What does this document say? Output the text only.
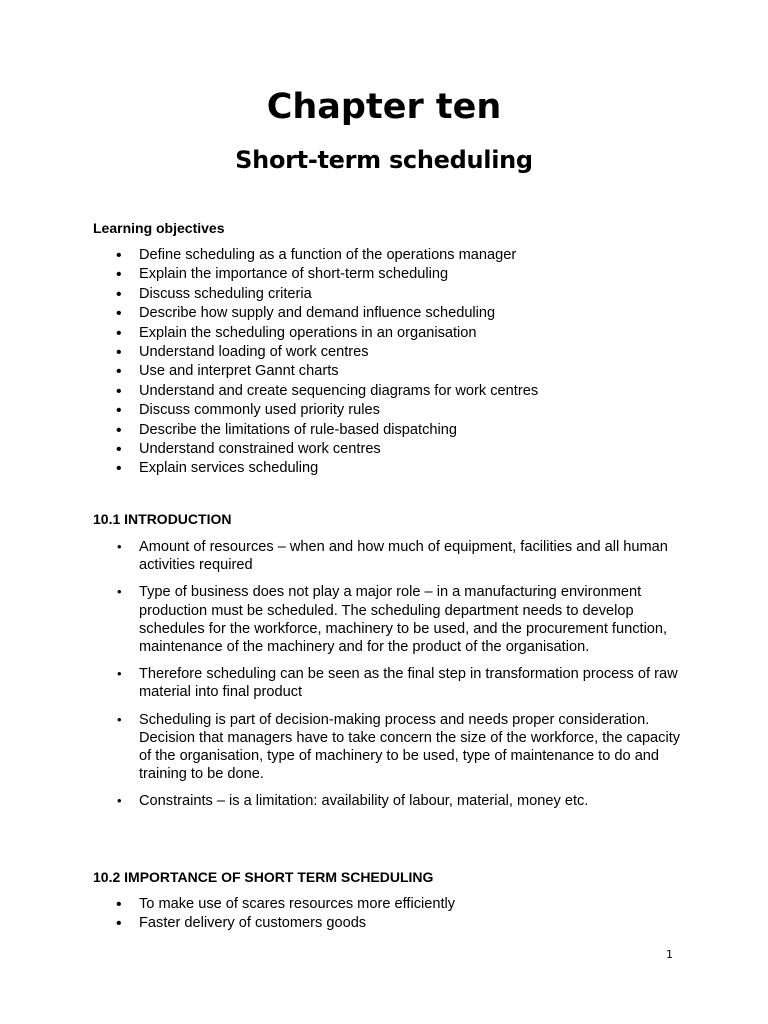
Chapter ten
Short-term scheduling
Learning objectives
• Define scheduling as a function of the operations manager
• Explain the importance of short-term scheduling
• Discuss scheduling criteria
• Describe how supply and demand influence scheduling
• Explain the scheduling operations in an organisation
• Understand loading of work centres
• Use and interpret Gannt charts
• Understand and create sequencing diagrams for work centres
• Discuss commonly used priority rules
• Describe the limitations of rule-based dispatching
• Understand constrained work centres
• Explain services scheduling
10.1 INTRODUCTION
• Amount of resources – when and how much of equipment, facilities and all human activities required
• Type of business does not play a major role – in a manufacturing environment production must be scheduled. The scheduling department needs to develop schedules for the workforce, machinery to be used, and the procurement function, maintenance of the machinery and for the product of the organisation.
• Therefore scheduling can be seen as the final step in transformation process of raw material into final product
• Scheduling is part of decision-making process and needs proper consideration. Decision that managers have to take concern the size of the workforce, the capacity of the organisation, type of machinery to be used, type of maintenance to do and training to be done.
• Constraints – is a limitation: availability of labour, material, money etc.
10.2 IMPORTANCE OF SHORT TERM SCHEDULING
• To make use of scares resources more efficiently
• Faster delivery of customers goods
1
